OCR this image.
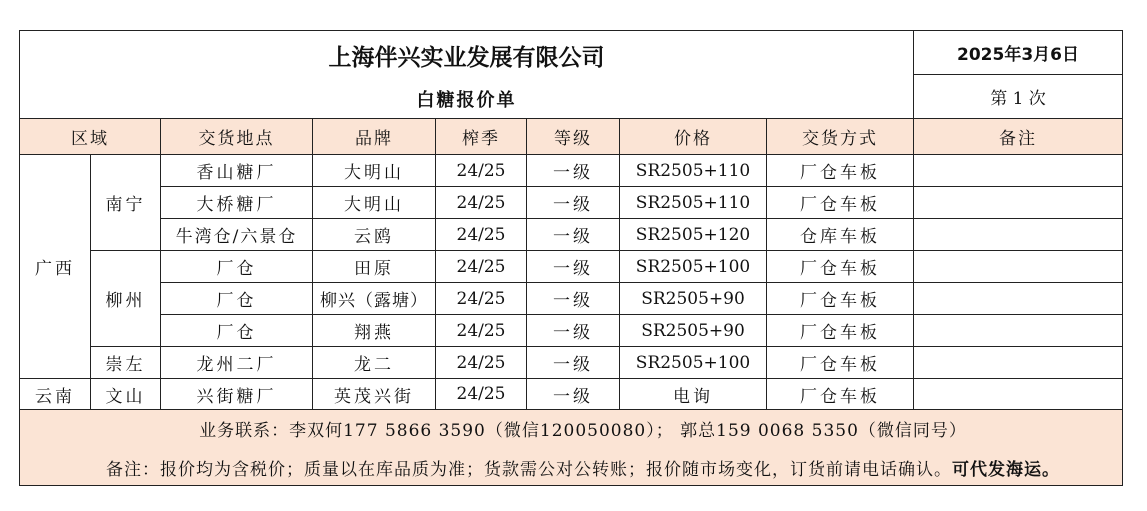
上海伴兴实业发展有限公司
白糖报价单								2025年3月6日
								第 1 次
区域		交货地点	品牌	榨季	等级	价格	交货方式	备注
广西	南宁	香山糖厂	大明山	24/25	一级	SR2505+110	厂仓车板	
		大桥糖厂	大明山	24/25	一级	SR2505+110	厂仓车板	
		牛湾仓/六景仓	云鸥	24/25	一级	SR2505+120	仓库车板	
	柳州	厂仓	田原	24/25	一级	SR2505+100	厂仓车板	
		厂仓	柳兴（露塘）	24/25	一级	SR2505+90	厂仓车板	
		厂仓	翔燕	24/25	一级	SR2505+90	厂仓车板	
	崇左	龙州二厂	龙二	24/25	一级	SR2505+100	厂仓车板	
云南	文山	兴街糖厂	英茂兴街	24/25	一级	电询	厂仓车板	

业务联系：李双何177 5866 3590（微信120050080）； 郭总159 0068 5350（微信同号）
备注：报价均为含税价；质量以在库品质为准；货款需公对公转账；报价随市场变化，订货前请电话确认。可代发海运。								
